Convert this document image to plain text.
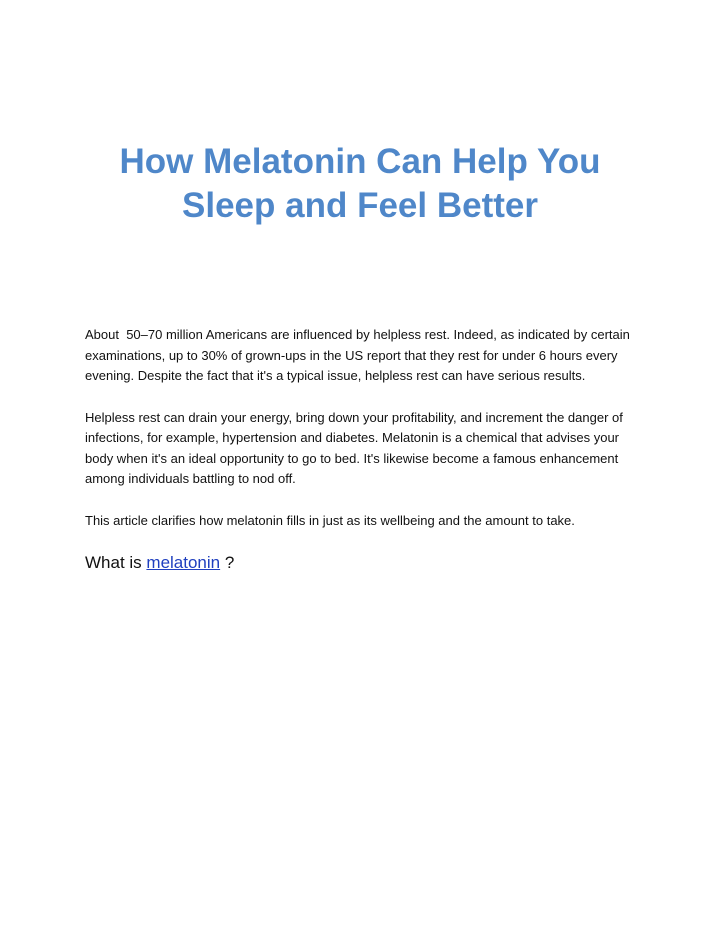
How Melatonin Can Help You
Sleep and Feel Better

About  50–70 million Americans are influenced by helpless rest. Indeed, as indicated by certain examinations, up to 30% of grown-ups in the US report that they rest for under 6 hours every evening. Despite the fact that it's a typical issue, helpless rest can have serious results.

Helpless rest can drain your energy, bring down your profitability, and increment the danger of infections, for example, hypertension and diabetes. Melatonin is a chemical that advises your body when it's an ideal opportunity to go to bed. It's likewise become a famous enhancement among individuals battling to nod off.

This article clarifies how melatonin fills in just as its wellbeing and the amount to take.

What is melatonin ?
